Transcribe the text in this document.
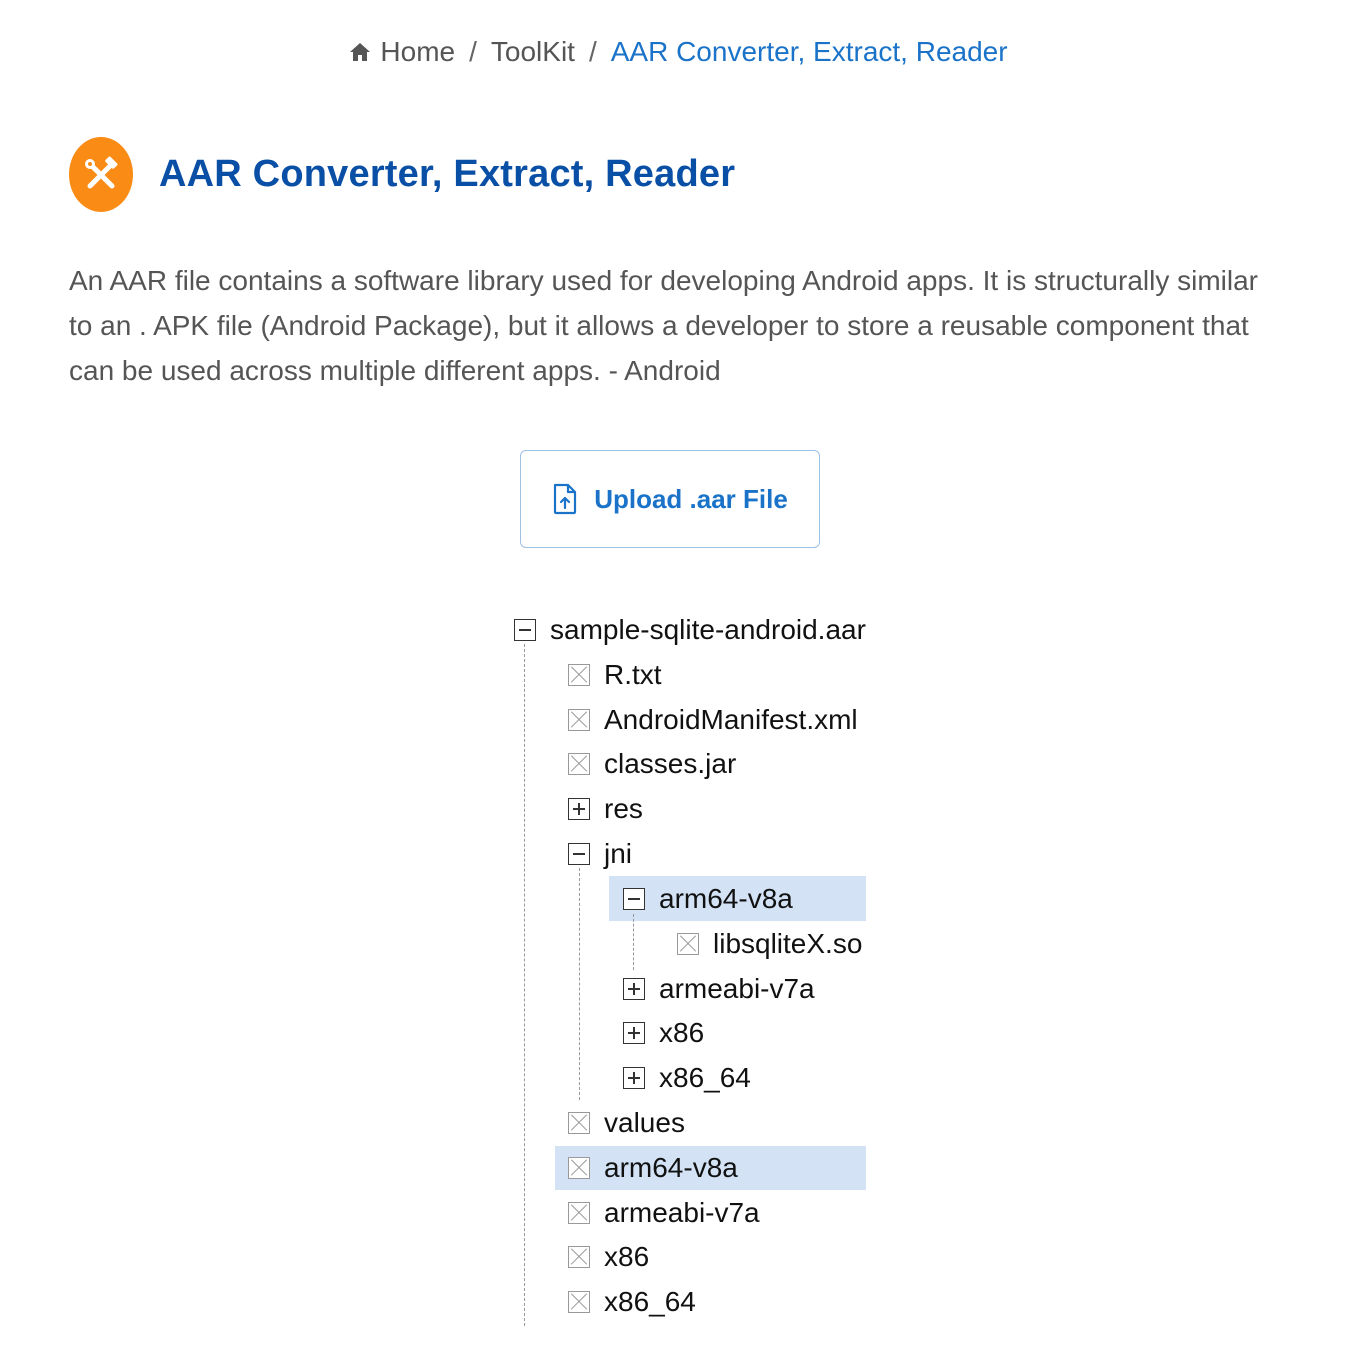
Home / ToolKit / AAR Converter, Extract, Reader
AAR Converter, Extract, Reader

An AAR file contains a software library used for developing Android apps. It is structurally similar to an . APK file (Android Package), but it allows a developer to store a reusable component that can be used across multiple different apps. - Android

Upload .aar File
sample-sqlite-android.aar
R.txt
AndroidManifest.xml
classes.jar
res
jni
arm64-v8a
libsqliteX.so
armeabi-v7a
x86
x86_64
values
arm64-v8a
armeabi-v7a
x86
x86_64
